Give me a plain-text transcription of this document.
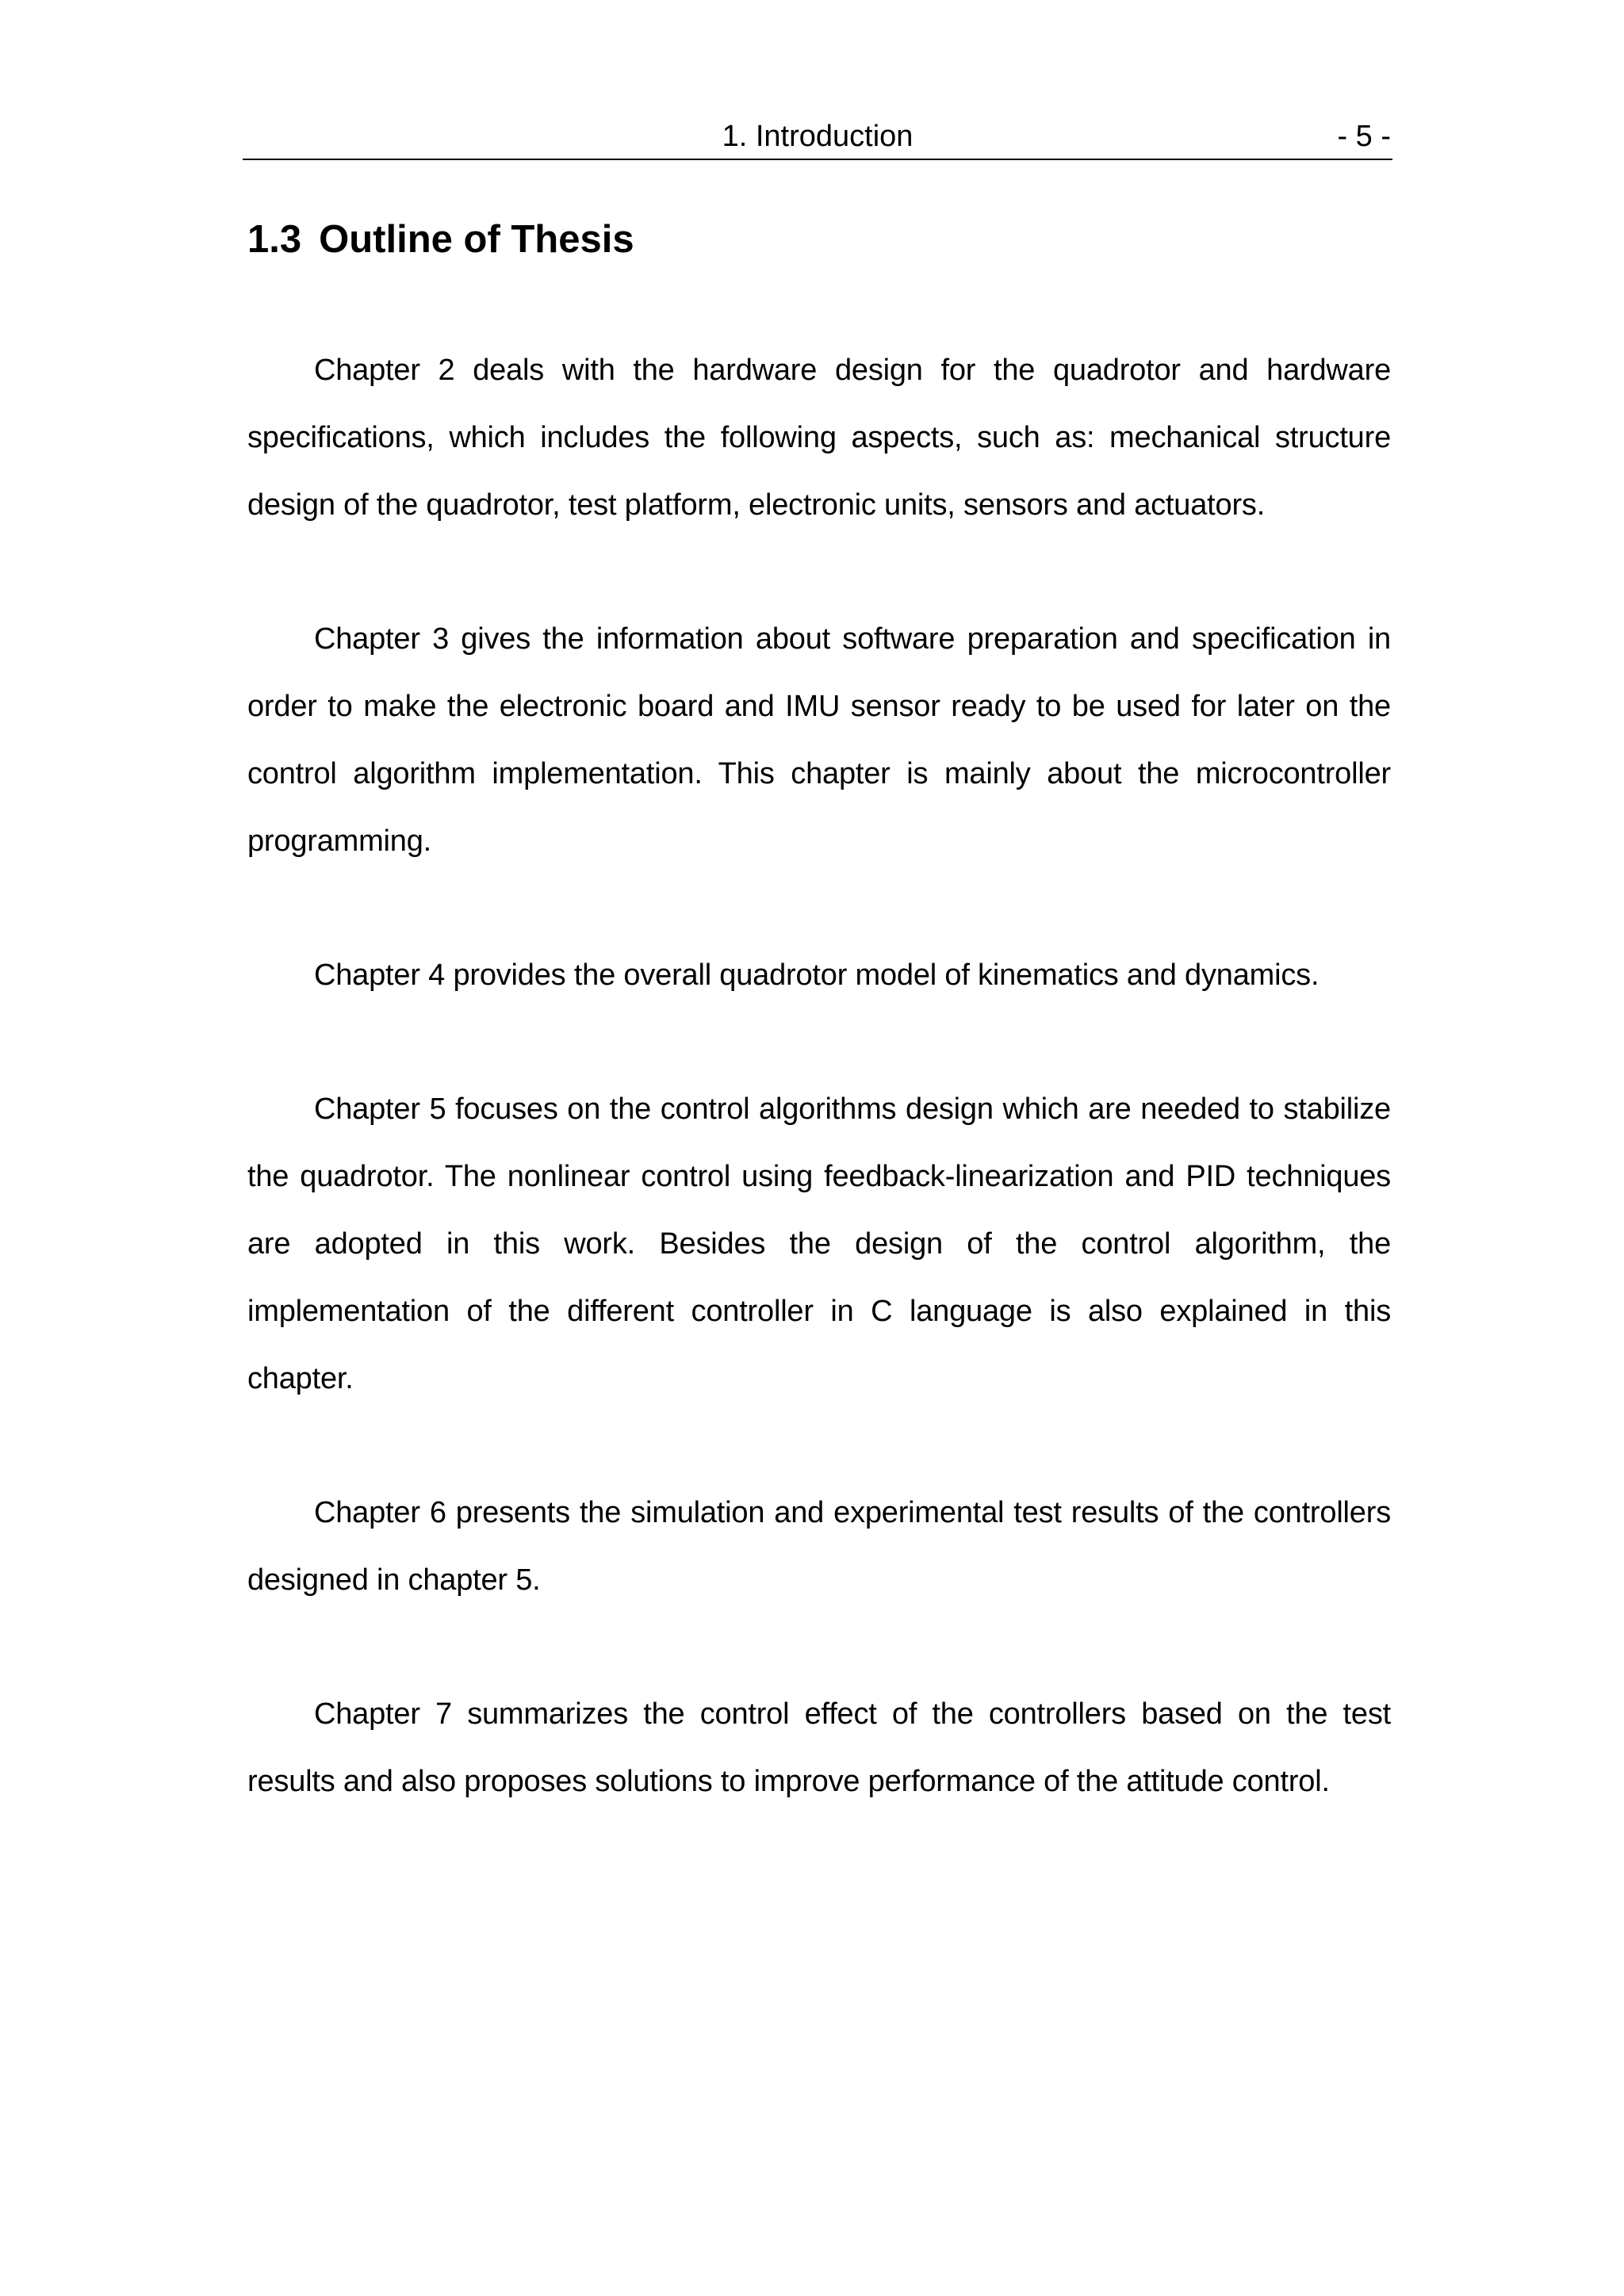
1. Introduction	- 5 -
1.3 Outline of Thesis

Chapter 2 deals with the hardware design for the quadrotor and hardware specifications, which includes the following aspects, such as: mechanical structure design of the quadrotor, test platform, electronic units, sensors and actuators.

Chapter 3 gives the information about software preparation and specification in order to make the electronic board and IMU sensor ready to be used for later on the control algorithm implementation. This chapter is mainly about the microcontroller programming.

Chapter 4 provides the overall quadrotor model of kinematics and dynamics.

Chapter 5 focuses on the control algorithms design which are needed to stabilize the quadrotor. The nonlinear control using feedback-linearization and PID techniques are adopted in this work. Besides the design of the control algorithm, the implementation of the different controller in C language is also explained in this chapter.

Chapter 6 presents the simulation and experimental test results of the controllers designed in chapter 5.

Chapter 7 summarizes the control effect of the controllers based on the test results and also proposes solutions to improve performance of the attitude control.
